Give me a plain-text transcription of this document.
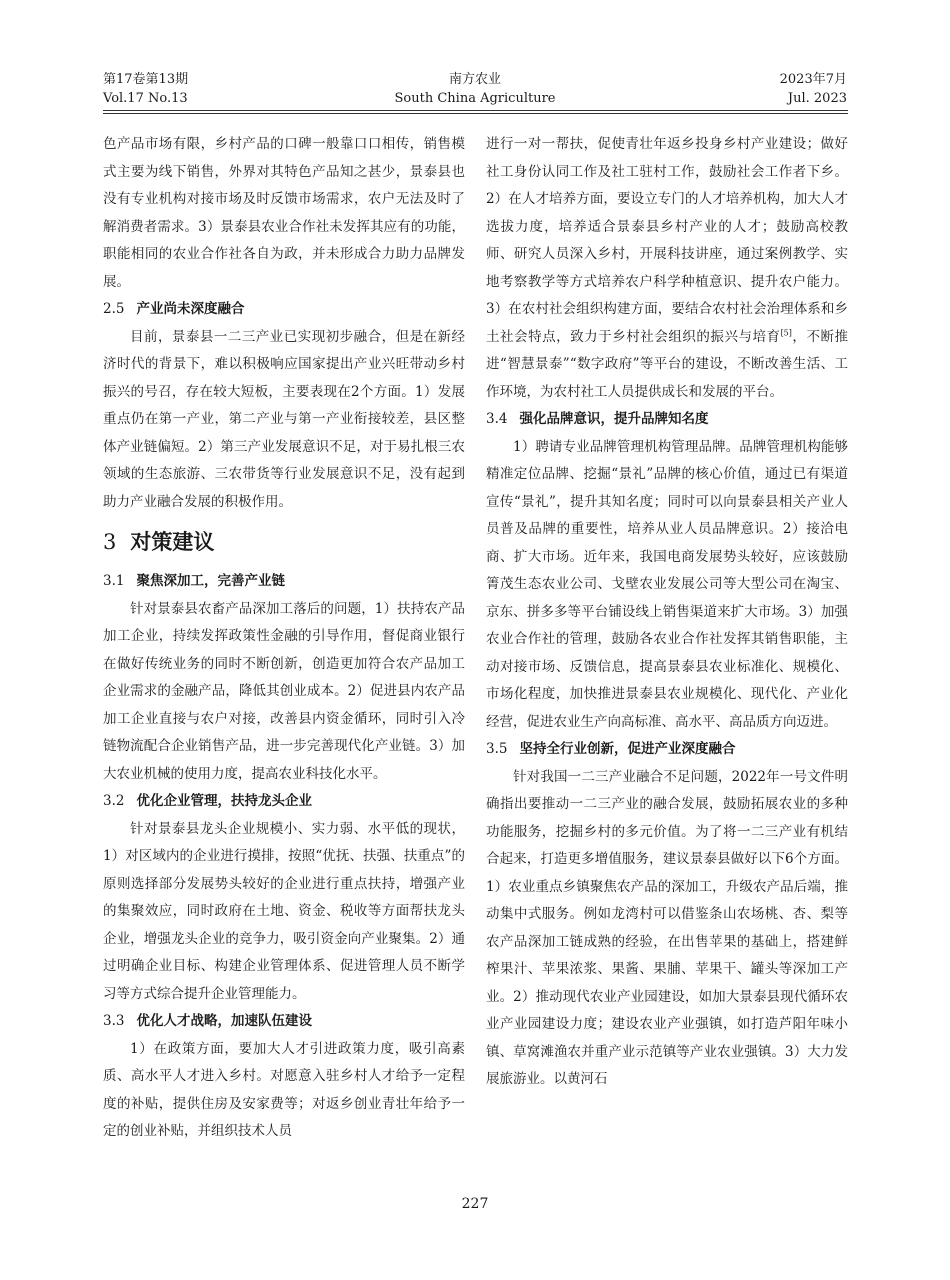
第17卷第13期
Vol.17 No.13
南方农业
South China Agriculture
2023年7月
Jul. 2023

色产品市场有限，乡村产品的口碑一般靠口口相传，销售模式主要为线下销售，外界对其特色产品知之甚少，景泰县也没有专业机构对接市场及时反馈市场需求，农户无法及时了解消费者需求。3）景泰县农业合作社未发挥其应有的功能，职能相同的农业合作社各自为政，并未形成合力助力品牌发展。

2.5 产业尚未深度融合

目前，景泰县一二三产业已实现初步融合，但是在新经济时代的背景下，难以积极响应国家提出产业兴旺带动乡村振兴的号召，存在较大短板，主要表现在2个方面。1）发展重点仍在第一产业，第二产业与第一产业衔接较差，县区整体产业链偏短。2）第三产业发展意识不足，对于易扎根三农领域的生态旅游、三农带货等行业发展意识不足，没有起到助力产业融合发展的积极作用。

3 对策建议
3.1 聚焦深加工，完善产业链

针对景泰县农畜产品深加工落后的问题，1）扶持农产品加工企业，持续发挥政策性金融的引导作用，督促商业银行在做好传统业务的同时不断创新，创造更加符合农产品加工企业需求的金融产品，降低其创业成本。2）促进县内农产品加工企业直接与农户对接，改善县内资金循环，同时引入冷链物流配合企业销售产品，进一步完善现代化产业链。3）加大农业机械的使用力度，提高农业科技化水平。

3.2 优化企业管理，扶持龙头企业

针对景泰县龙头企业规模小、实力弱、水平低的现状，1）对区域内的企业进行摸排，按照“优抚、扶强、扶重点”的原则选择部分发展势头较好的企业进行重点扶持，增强产业的集聚效应，同时政府在土地、资金、税收等方面帮扶龙头企业，增强龙头企业的竞争力，吸引资金向产业聚集。2）通过明确企业目标、构建企业管理体系、促进管理人员不断学习等方式综合提升企业管理能力。

3.3 优化人才战略，加速队伍建设

1）在政策方面，要加大人才引进政策力度，吸引高素质、高水平人才进入乡村。对愿意入驻乡村人才给予一定程度的补贴，提供住房及安家费等；对返乡创业青壮年给予一定的创业补贴，并组织技术人员

进行一对一帮扶，促使青壮年返乡投身乡村产业建设；做好社工身份认同工作及社工驻村工作，鼓励社会工作者下乡。2）在人才培养方面，要设立专门的人才培养机构，加大人才选拔力度，培养适合景泰县乡村产业的人才；鼓励高校教师、研究人员深入乡村，开展科技讲座，通过案例教学、实地考察教学等方式培养农户科学种植意识、提升农户能力。3）在农村社会组织构建方面，要结合农村社会治理体系和乡土社会特点，致力于乡村社会组织的振兴与培育[5]，不断推进“智慧景泰”“数字政府”等平台的建设，不断改善生活、工作环境，为农村社工人员提供成长和发展的平台。

3.4 强化品牌意识，提升品牌知名度

1）聘请专业品牌管理机构管理品牌。品牌管理机构能够精准定位品牌、挖掘“景礼”品牌的核心价值，通过已有渠道宣传“景礼”，提升其知名度；同时可以向景泰县相关产业人员普及品牌的重要性，培养从业人员品牌意识。2）接洽电商、扩大市场。近年来，我国电商发展势头较好，应该鼓励箐茂生态农业公司、戈壁农业发展公司等大型公司在淘宝、京东、拼多多等平台铺设线上销售渠道来扩大市场。3）加强农业合作社的管理，鼓励各农业合作社发挥其销售职能，主动对接市场、反馈信息，提高景泰县农业标准化、规模化、市场化程度，加快推进景泰县农业规模化、现代化、产业化经营，促进农业生产向高标准、高水平、高品质方向迈进。

3.5 坚持全行业创新，促进产业深度融合

针对我国一二三产业融合不足问题，2022年一号文件明确指出要推动一二三产业的融合发展，鼓励拓展农业的多种功能服务，挖掘乡村的多元价值。为了将一二三产业有机结合起来，打造更多增值服务，建议景泰县做好以下6个方面。1）农业重点乡镇聚焦农产品的深加工，升级农产品后端，推动集中式服务。例如龙湾村可以借鉴条山农场桃、杏、梨等农产品深加工链成熟的经验，在出售苹果的基础上，搭建鲜榨果汁、苹果浓浆、果酱、果脯、苹果干、罐头等深加工产业。2）推动现代农业产业园建设，如加大景泰县现代循环农业产业园建设力度；建设农业产业强镇，如打造芦阳年味小镇、草窝滩渔农并重产业示范镇等产业农业强镇。3）大力发展旅游业。以黄河石

227
